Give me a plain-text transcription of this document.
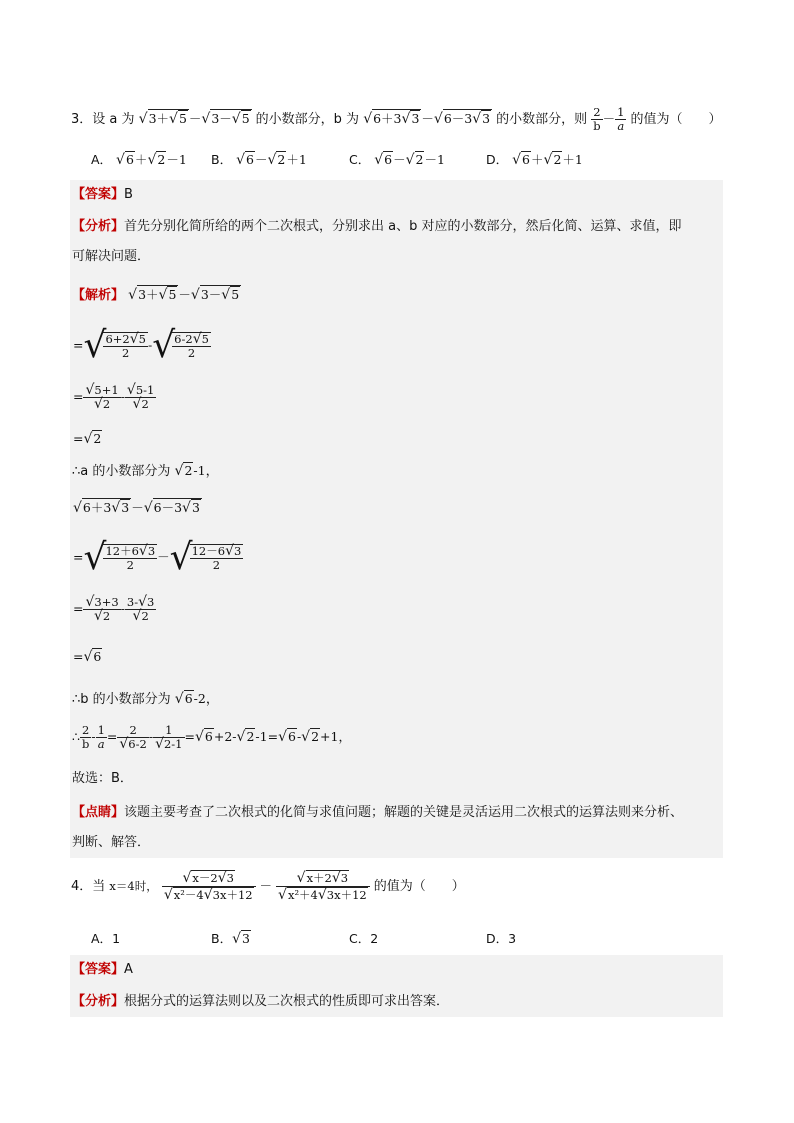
3．设 a 为 √3＋√5 －√3－√5 的小数部分，b 为 √6＋3√3 －√6－3√3 的小数部分，则 $\frac{2}{b} - \frac{1}{a}$ 的值为（　　）
A． √6＋√2－1 B． √6－√2＋1	C． √6－√2－1	D． √6＋√2＋1
【答案】B
【分析】首先分别化简所给的两个二次根式，分别求出 a、b 对应的小数部分，然后化简、运算、求值，即
可解决问题．
【解析】 √3＋√5 －√3－√5
=√
$\frac{6+2√5}{2}$ -√
$\frac{6-2√5}{2}$
= $\frac{√5+1}{√2} - \frac{√5-1}{√2}$
=√2
∴a 的小数部分为 √2-1，
√6＋3√3 －√6－3√3
=√
$\frac{12+6√3}{2}$ －√
$\frac{12-6√3}{2}$
= $\frac{√3+3}{√2} - \frac{3-√3}{√2}$
=√6
∴b 的小数部分为 √6-2，
∴ $\frac{2}{b} - \frac{1}{a} = \frac{2}{√6-2} - \frac{1}{√2-1} =√6+2-√2-1=√6-√2+1$，
故选：B．
【点睛】该题主要考查了二次根式的化简与求值问题；解题的关键是灵活运用二次根式的运算法则来分析、
判断、解答．
4．当 x＝4时， $\frac{√x-2√3}{\text{√x²－4√3x＋12}} - \frac{√x+2√3}{\text{√x²＋4√3x＋12}}$ 的值为（　　）
A．1	B．√3	C．2	D．3
【答案】A
【分析】根据分式的运算法则以及二次根式的性质即可求出答案．
